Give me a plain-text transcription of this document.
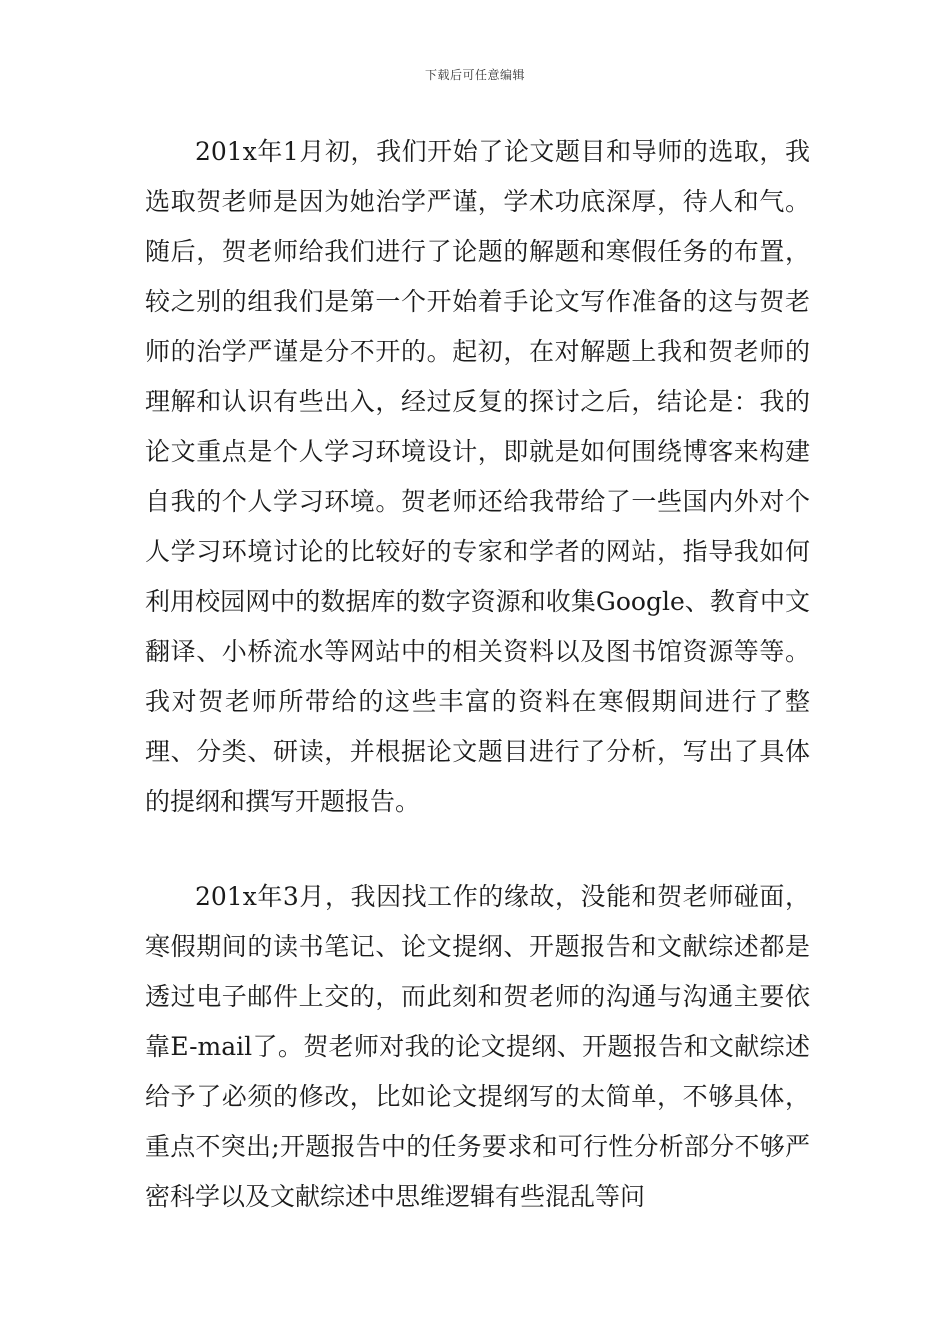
下载后可任意编辑

201x年1月初，我们开始了论文题目和导师的选取，我选取贺老师是因为她治学严谨，学术功底深厚，待人和气。随后，贺老师给我们进行了论题的解题和寒假任务的布置，较之别的组我们是第一个开始着手论文写作准备的这与贺老师的治学严谨是分不开的。起初，在对解题上我和贺老师的理解和认识有些出入，经过反复的探讨之后，结论是：我的论文重点是个人学习环境设计，即就是如何围绕博客来构建自我的个人学习环境。贺老师还给我带给了一些国内外对个人学习环境讨论的比较好的专家和学者的网站，指导我如何利用校园网中的数据库的数字资源和收集Google、教育中文翻译、小桥流水等网站中的相关资料以及图书馆资源等等。我对贺老师所带给的这些丰富的资料在寒假期间进行了整理、分类、研读，并根据论文题目进行了分析，写出了具体的提纲和撰写开题报告。

201x年3月，我因找工作的缘故，没能和贺老师碰面，寒假期间的读书笔记、论文提纲、开题报告和文献综述都是透过电子邮件上交的，而此刻和贺老师的沟通与沟通主要依靠E-mail了。贺老师对我的论文提纲、开题报告和文献综述给予了必须的修改，比如论文提纲写的太简单，不够具体，重点不突出;开题报告中的任务要求和可行性分析部分不够严密科学以及文献综述中思维逻辑有些混乱等问
